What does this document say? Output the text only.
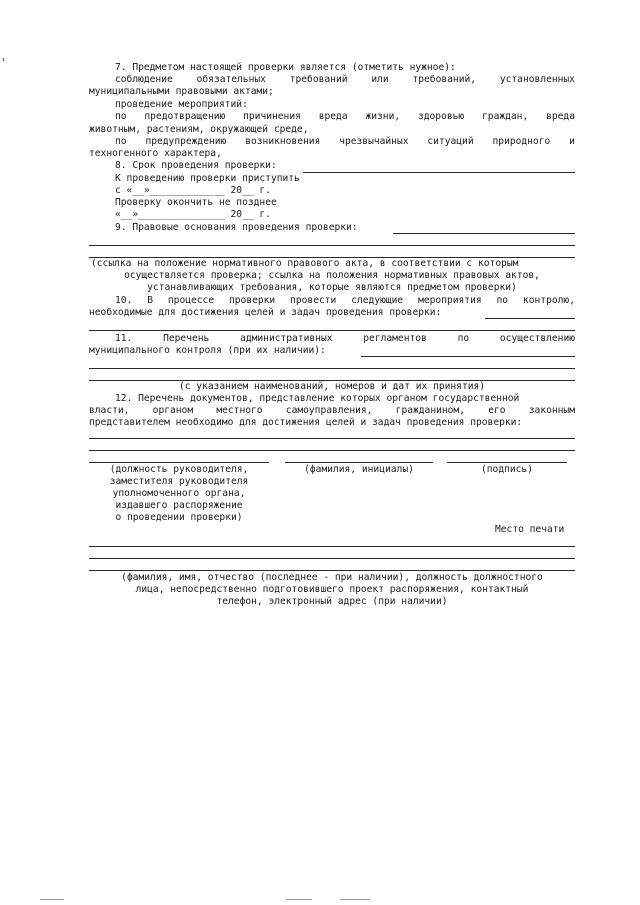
7. Предметом настоящей проверки является (отметить нужное):
соблюдение обязательных требований или требований, установленных
муниципальными правовыми актами;
проведение мероприятий:
по предотвращению причинения вреда жизни, здоровью граждан, вреда
животным, растениям, окружающей среде,
по предупреждению возникновения чрезвычайных ситуаций природного и
техногенного характера,
8. Срок проведения проверки:
К проведению проверки приступить
с «__»_____________ 20__ г.
Проверку окончить не позднее
«__»_______________ 20__ г.
9. Правовые основания проведения проверки:
(ссылка на положение нормативного правового акта, в соответствии с которым
осуществляется проверка; ссылка на положения нормативных правовых актов,
устанавливающих требования, которые являются предметом проверки)
10. В процессе проверки провести следующие мероприятия по контролю,
необходимые для достижения целей и задач проведения проверки:
11.	Перечень	административных	регламентов	по	осуществлению
муниципального контроля (при их наличии):
(с указанием наименований, номеров и дат их принятия)
12. Перечень документов, представление которых органом государственной
власти, органом местного самоуправления, гражданином, его законным
представителем необходимо для достижения целей и задач проведения проверки:
(должность руководителя,
заместителя руководителя
уполномоченного органа,
издавшего распоряжение
о проведении проверки)
(фамилия, инициалы)	(подпись)
Место печати
(фамилия, имя, отчество (последнее - при наличии), должность должностного
лица, непосредственно подготовившего проект распоряжения, контактный
телефон, электронный адрес (при наличии)
